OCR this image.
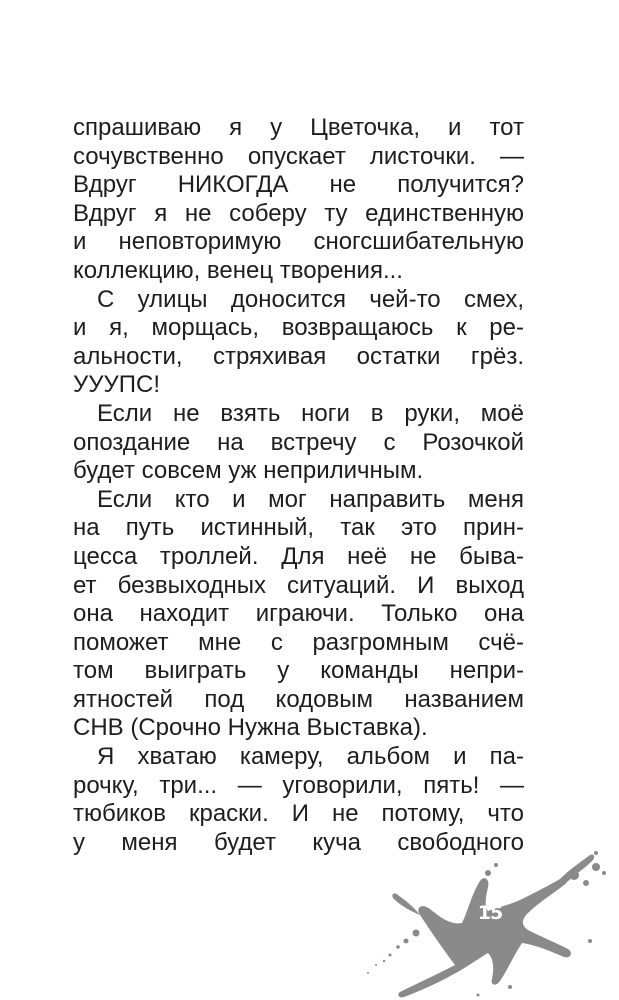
спрашиваю я у Цветочка, и тот
сочувственно опускает листочки. —
Вдруг НИКОГДА не получится?
Вдруг я не соберу ту единственную
и неповторимую сногсшибательную
коллекцию, венец творения...
С улицы доносится чей-то смех,
и я, морщась, возвращаюсь к ре-
альности, стряхивая остатки грёз.
УУУПС!
Если не взять ноги в руки, моё
опоздание на встречу с Розочкой
будет совсем уж неприличным.
Если кто и мог направить меня
на путь истинный, так это прин-
цесса троллей. Для неё не быва-
ет безвыходных ситуаций. И выход
она находит играючи. Только она
поможет мне с разгромным счё-
том выиграть у команды непри-
ятностей под кодовым названием
СНВ (Срочно Нужна Выставка).
Я хватаю камеру, альбом и па-
рочку, три... — уговорили, пять! —
тюбиков краски. И не потому, что
у меня будет куча свободного
15
